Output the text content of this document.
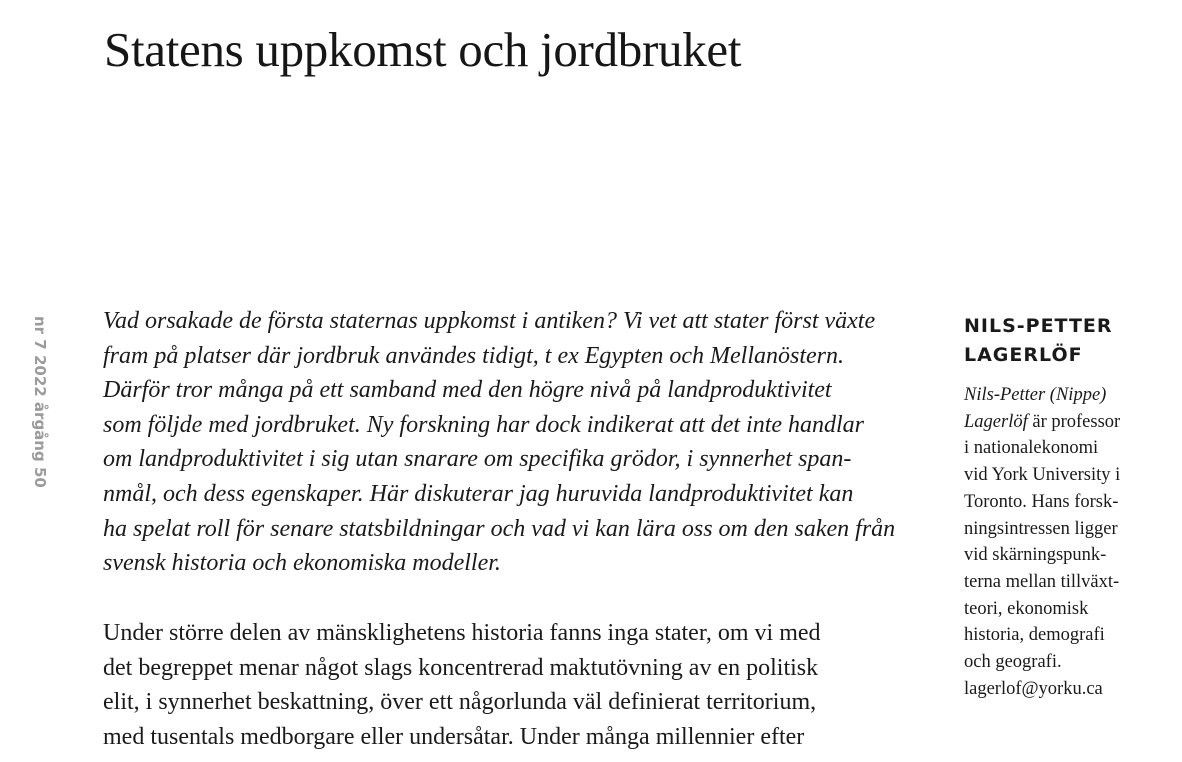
Statens uppkomst och jordbruket
nr 7 2022 årgång 50 Vad orsakade de första staternas uppkomst i antiken? Vi vet att stater först växte
fram på platser där jordbruk användes tidigt, t ex Egypten och Mellanöstern.
Därför tror många på ett samband med den högre nivå på landproduktivitet
som följde med jordbruket. Ny forskning har dock indikerat att det inte handlar
om landproduktivitet i sig utan snarare om specifika grödor, i synnerhet span-
nmål, och dess egenskaper. Här diskuterar jag huruvida landproduktivitet kan
ha spelat roll för senare statsbildningar och vad vi kan lära oss om den saken från
svensk historia och ekonomiska modeller.

Under större delen av mänsklighetens historia fanns inga stater, om vi med
det begreppet menar något slags koncentrerad maktutövning av en politisk
elit, i synnerhet beskattning, över ett någorlunda väl definierat territorium,
med tusentals medborgare eller undersåtar. Under många millennier efter

NILS-PETTER
LAGERLÖF
Nils-Petter (Nippe)
Lagerlöf är professor
i nationalekonomi
vid York University i
Toronto. Hans forsk-
ningsintressen ligger
vid skärningspunk-
terna mellan tillväxt-
teori, ekonomisk
historia, demografi
och geografi.
lagerlof@yorku.ca
